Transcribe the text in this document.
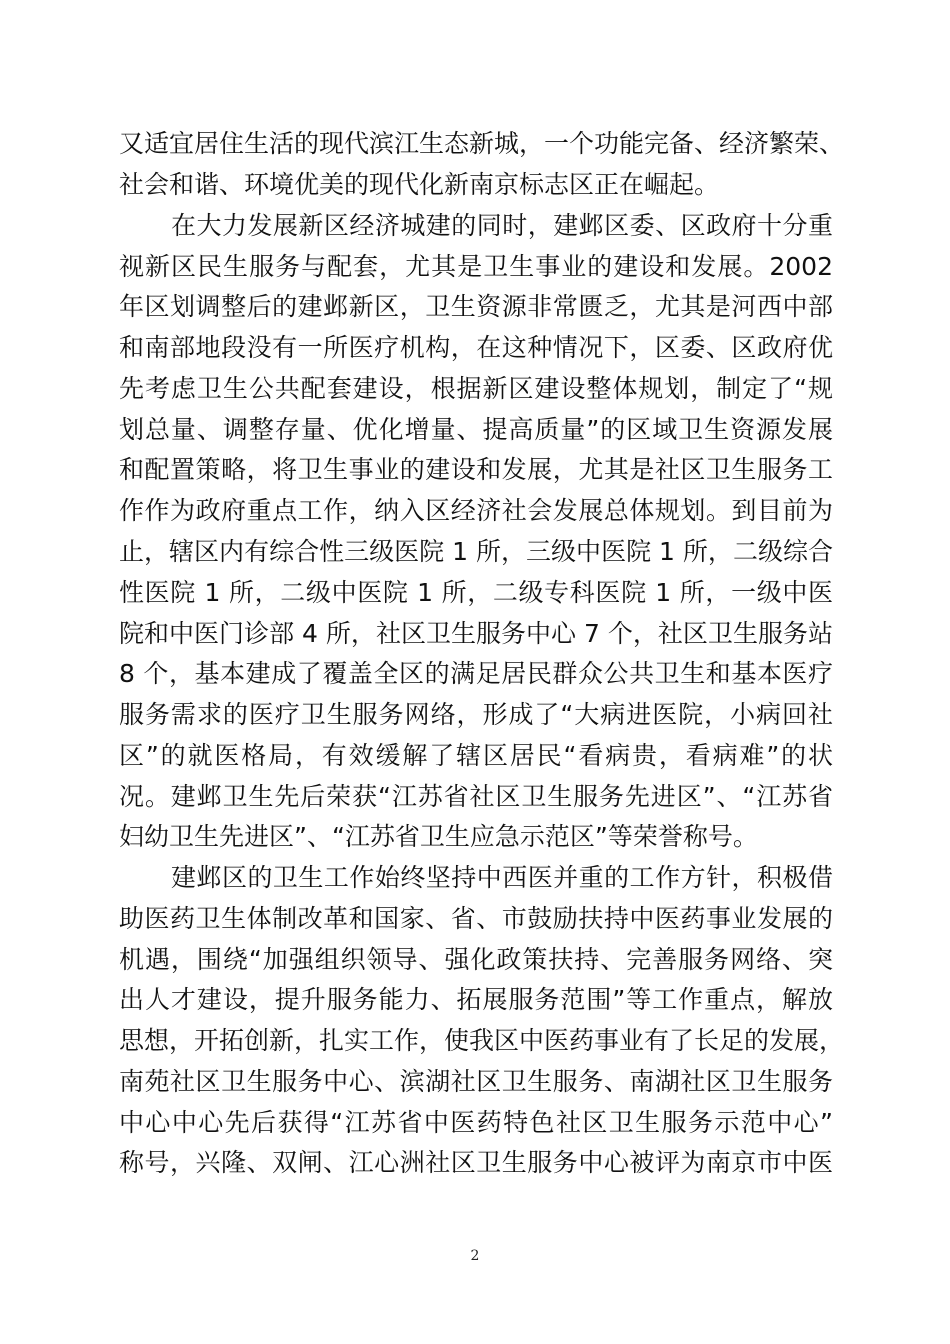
又适宜居住生活的现代滨江生态新城，一个功能完备、经济繁荣、
社会和谐、环境优美的现代化新南京标志区正在崛起。
在大力发展新区经济城建的同时，建邺区委、区政府十分重
视新区民生服务与配套，尤其是卫生事业的建设和发展。2002
年区划调整后的建邺新区，卫生资源非常匮乏，尤其是河西中部
和南部地段没有一所医疗机构，在这种情况下，区委、区政府优
先考虑卫生公共配套建设，根据新区建设整体规划，制定了“规
划总量、调整存量、优化增量、提高质量”的区域卫生资源发展
和配置策略，将卫生事业的建设和发展，尤其是社区卫生服务工
作作为政府重点工作，纳入区经济社会发展总体规划。到目前为
止，辖区内有综合性三级医院 1 所，三级中医院 1 所，二级综合
性医院 1 所，二级中医院 1 所，二级专科医院 1 所，一级中医
院和中医门诊部 4 所，社区卫生服务中心 7 个，社区卫生服务站
8 个，基本建成了覆盖全区的满足居民群众公共卫生和基本医疗
服务需求的医疗卫生服务网络，形成了“大病进医院，小病回社
区”的就医格局，有效缓解了辖区居民“看病贵，看病难”的状
况。建邺卫生先后荣获“江苏省社区卫生服务先进区”、“江苏省
妇幼卫生先进区”、“江苏省卫生应急示范区”等荣誉称号。
建邺区的卫生工作始终坚持中西医并重的工作方针，积极借
助医药卫生体制改革和国家、省、市鼓励扶持中医药事业发展的
机遇，围绕“加强组织领导、强化政策扶持、完善服务网络、突
出人才建设，提升服务能力、拓展服务范围”等工作重点，解放
思想，开拓创新，扎实工作，使我区中医药事业有了长足的发展，
南苑社区卫生服务中心、滨湖社区卫生服务、南湖社区卫生服务
中心中心先后获得“江苏省中医药特色社区卫生服务示范中心”
称号，兴隆、双闸、江心洲社区卫生服务中心被评为南京市中医
2
